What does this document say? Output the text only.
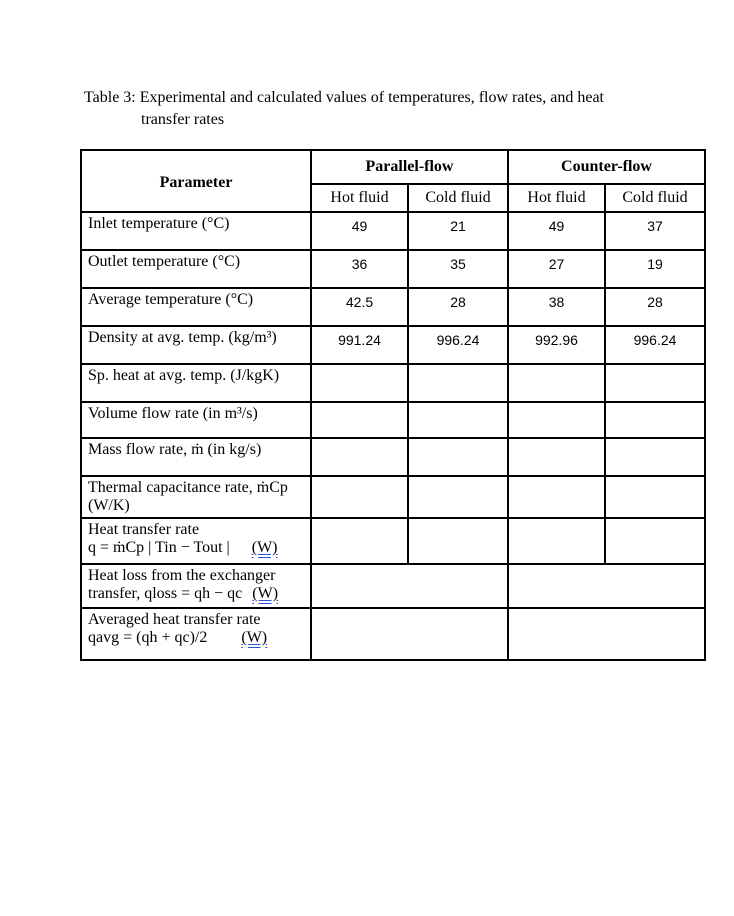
Table 3: Experimental and calculated values of temperatures, flow rates, and heat
transfer rates
Parameter	Parallel-flow		Counter-flow	
	Hot fluid	Cold fluid	Hot fluid	Cold fluid
Inlet temperature (°C)	49	21	49	37
Outlet temperature (°C)	36	35	27	19
Average temperature (°C)	42.5	28	38	28
Density at avg. temp. (kg/m³)	991.24	996.24	992.96	996.24
Sp. heat at avg. temp. (J/kgK)				
Volume flow rate (in m³/s)				
Mass flow rate, ṁ (in kg/s)				
Thermal capacitance rate, ṁCp (W/K)				

Heat transfer rate
q = ṁCp | Tin − Tout | (W)				

Heat loss from the exchanger
transfer, qloss = qh − qc (W)				

Averaged heat transfer rate
qavg = (qh + qc)/2 (W)				
